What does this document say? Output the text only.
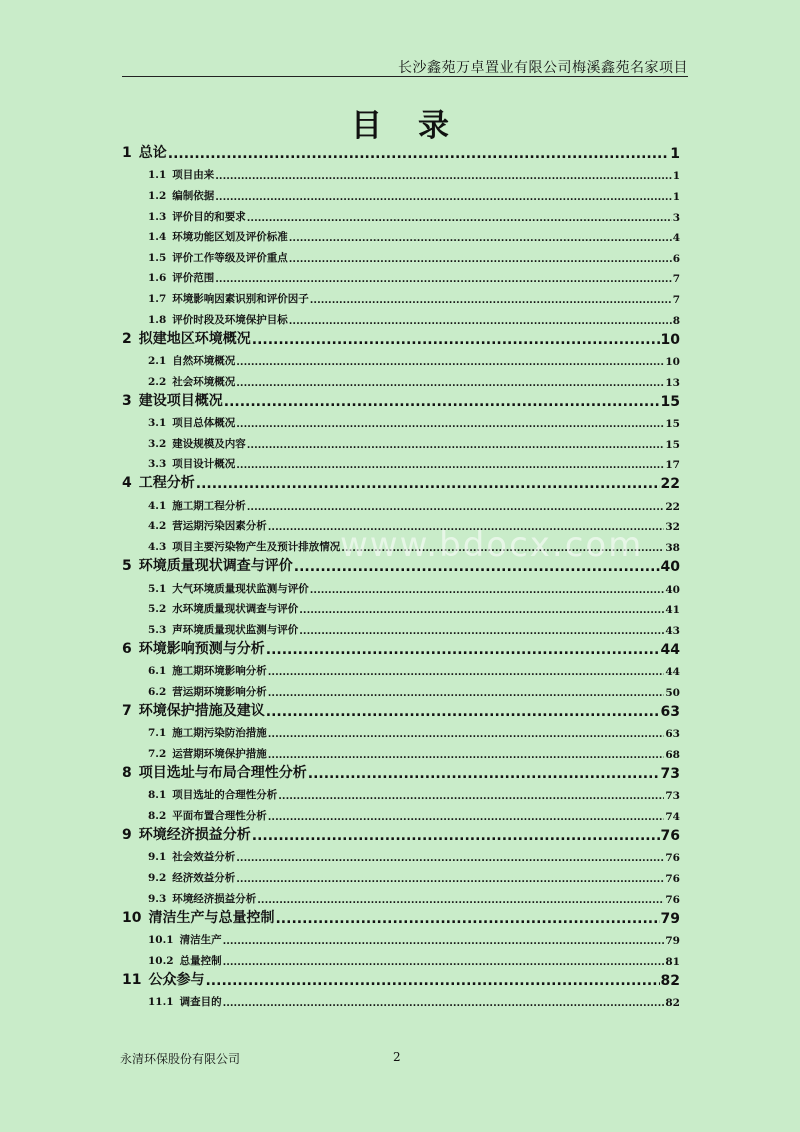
长沙鑫苑万卓置业有限公司梅溪鑫苑名家项目
目录
1 总论 .....	1
1.1 项目由来 .....	1
1.2 编制依据 .....	1
1.3 评价目的和要求 .....	3
1.4 环境功能区划及评价标准 .....	4
1.5 评价工作等级及评价重点 .....	6
1.6 评价范围 .....	7
1.7 环境影响因素识别和评价因子 .....	7
1.8 评价时段及环境保护目标 .....	8
2 拟建地区环境概况 .....	10
2.1 自然环境概况 .....	10
2.2 社会环境概况 .....	13
3 建设项目概况 .....	15
3.1 项目总体概况 .....	15
3.2 建设规模及内容 .....	15
3.3 项目设计概况 .....	17
4 工程分析 .....	22
4.1 施工期工程分析 .....	22
4.2 营运期污染因素分析 .....	32
4.3 项目主要污染物产生及预计排放情况 .....	38
5 环境质量现状调查与评价 .....	40
5.1 大气环境质量现状监测与评价 .....	40
5.2 水环境质量现状调查与评价 .....	41
5.3 声环境质量现状监测与评价 .....	43
6 环境影响预测与分析 .....	44
6.1 施工期环境影响分析 .....	44
6.2 营运期环境影响分析 .....	50
7 环境保护措施及建议 .....	63
7.1 施工期污染防治措施 .....	63
7.2 运营期环境保护措施 .....	68
8 项目选址与布局合理性分析 .....	73
8.1 项目选址的合理性分析 .....	73
8.2 平面布置合理性分析 .....	74
9 环境经济损益分析 .....	76
9.1 社会效益分析 .....	76
9.2 经济效益分析 .....	76
9.3 环境经济损益分析 .....	76
10 清洁生产与总量控制 .....	79
10.1 清洁生产 .....	79
10.2 总量控制 .....	81
11 公众参与 .....	82
11.1 调查目的 .....	82
www.bdocx.com
永清环保股份有限公司	2
